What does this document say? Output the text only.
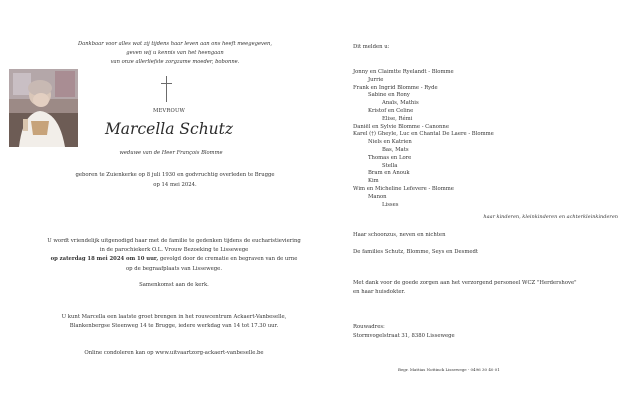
Dankbaar voor alles wat zij tijdens haar leven aan ons heeft meegegeven,
geven wij u kennis van het heengaan
van onze allerliefste zorgzame moeder, bobonne.
MEVROUW
Marcella Schutz
weduwe van de Heer François Blomme
geboren te Zuienkerke op 8 juli 1930 en godvruchtig overleden te Brugge
op 14 mei 2024.
U wordt vriendelijk uitgenodigd haar met de familie te gedenken tijdens de eucharistieviering
in de parochiekerk O.L. Vrouw Bezoeking te Lissewege
op zaterdag 18 mei 2024 om 10 uur, gevolgd door de crematie en begraven van de urne
op de begraafplaats van Lissewege.
Samenkomst aan de kerk.
U kunt Marcella een laatste groet brengen in het rouwcentrum Ackaert-Vanbeselle,
Blankenbergse Steenweg 14 te Brugge, iedere werkdag van 14 tot 17.30 uur.
Online condoleren kan op www.uitvaartzorg-ackaert-vanbeselle.be
Dit melden u:
Jonny en Claimtte Ryelandt - Blomme
Jurrie
Frank en Ingrid Blomme - Ryde
Sabine en Rony
Anaïs, Mathis
Kristof en Celine
Elise, Rémi
Daniël en Sylvie Blomme - Canonne
Karel (†) Gheyle, Luc en Chantal De Laere - Blomme
Niels en Katrien
Bas, Mats
Thomas en Lore
Stella
Bram en Anouk
Kim
Wim en Micheline Lefevere - Blomme
Manon
Lisses
haar kinderen, kleinkinderen en achterkleinkinderen
Haar schoonzus, neven en nichten
De families Schutz, Blomme, Seys en Desmedt
Met dank voor de goede zorgen aan het verzorgend personeel WCZ "Herdershove"
en haar huisdokter.
Rouwadres:
Stormvogelstraat 31, 8380 Lissewege
Begr. Mattias Nottinck Lissewege - 0496 30 40 01
